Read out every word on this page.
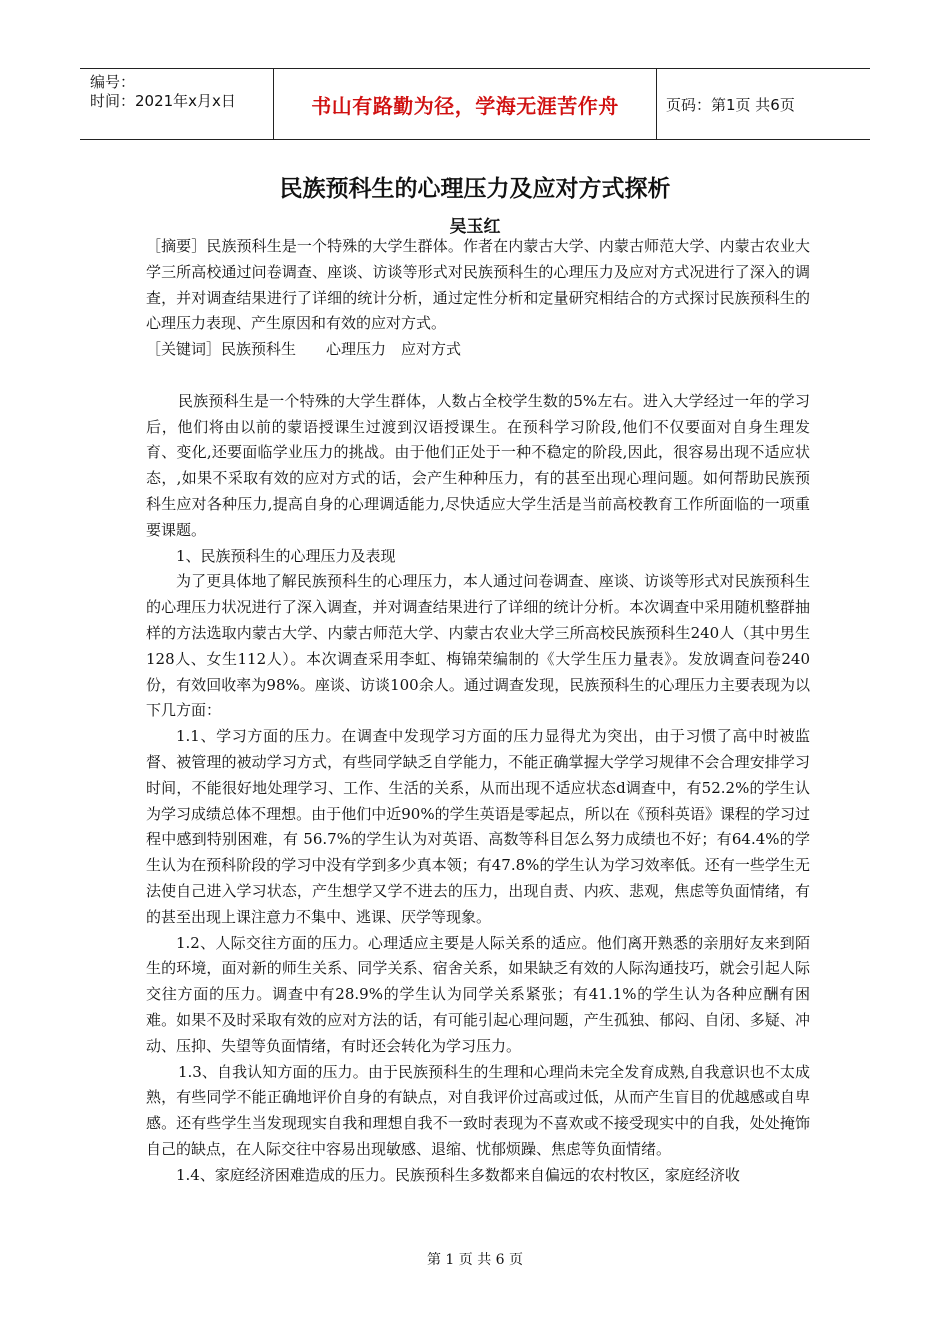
编号：
时间：2021年x月x日	书山有路勤为径，学海无涯苦作舟	页码：第1页 共6页
民族预科生的心理压力及应对方式探析
吴玉红

［摘要］民族预科生是一个特殊的大学生群体。作者在内蒙古大学、内蒙古师范大学、内蒙古农业大学三所高校通过问卷调查、座谈、访谈等形式对民族预科生的心理压力及应对方式况进行了深入的调查，并对调查结果进行了详细的统计分析，通过定性分析和定量研究相结合的方式探讨民族预科生的心理压力表现、产生原因和有效的应对方式。

［关键词］民族预科生　　心理压力　应对方式

民族预科生是一个特殊的大学生群体，人数占全校学生数的5%左右。进入大学经过一年的学习后，他们将由以前的蒙语授课生过渡到汉语授课生。在预科学习阶段,他们不仅要面对自身生理发育、变化,还要面临学业压力的挑战。由于他们正处于一种不稳定的阶段,因此，很容易出现不适应状态，,如果不采取有效的应对方式的话，会产生种种压力，有的甚至出现心理问题。如何帮助民族预科生应对各种压力,提高自身的心理调适能力,尽快适应大学生活是当前高校教育工作所面临的一项重要课题。

1、民族预科生的心理压力及表现

为了更具体地了解民族预科生的心理压力，本人通过问卷调查、座谈、访谈等形式对民族预科生的心理压力状况进行了深入调查，并对调查结果进行了详细的统计分析。本次调查中采用随机整群抽样的方法选取内蒙古大学、内蒙古师范大学、内蒙古农业大学三所高校民族预科生240人（其中男生128人、女生112人）。本次调查采用李虹、梅锦荣编制的《大学生压力量表》。发放调查问卷240份，有效回收率为98%。座谈、访谈100余人。通过调查发现，民族预科生的心理压力主要表现为以下几方面：

1.1、学习方面的压力。在调查中发现学习方面的压力显得尤为突出，由于习惯了高中时被监督、被管理的被动学习方式，有些同学缺乏自学能力，不能正确掌握大学学习规律不会合理安排学习时间，不能很好地处理学习、工作、生活的关系，从而出现不适应状态d调查中，有52.2%的学生认为学习成绩总体不理想。由于他们中近90%的学生英语是零起点，所以在《预科英语》课程的学习过程中感到特别困难，有 56.7%的学生认为对英语、高数等科目怎么努力成绩也不好；有64.4%的学生认为在预科阶段的学习中没有学到多少真本领；有47.8%的学生认为学习效率低。还有一些学生无法使自己进入学习状态，产生想学又学不进去的压力，出现自责、内疚、悲观，焦虑等负面情绪，有的甚至出现上课注意力不集中、逃课、厌学等现象。

1.2、人际交往方面的压力。心理适应主要是人际关系的适应。他们离开熟悉的亲朋好友来到陌生的环境，面对新的师生关系、同学关系、宿舍关系，如果缺乏有效的人际沟通技巧，就会引起人际交往方面的压力。调查中有28.9%的学生认为同学关系紧张；有41.1%的学生认为各种应酬有困难。如果不及时采取有效的应对方法的话，有可能引起心理问题，产生孤独、郁闷、自闭、多疑、冲动、压抑、失望等负面情绪，有时还会转化为学习压力。

1.3、自我认知方面的压力。由于民族预科生的生理和心理尚未完全发育成熟,自我意识也不太成熟，有些同学不能正确地评价自身的有缺点，对自我评价过高或过低，从而产生盲目的优越感或自卑感。还有些学生当发现现实自我和理想自我不一致时表现为不喜欢或不接受现实中的自我，处处掩饰自己的缺点，在人际交往中容易出现敏感、退缩、忧郁烦躁、焦虑等负面情绪。

1.4、家庭经济困难造成的压力。民族预科生多数都来自偏远的农村牧区，家庭经济收

第 1 页 共 6 页
